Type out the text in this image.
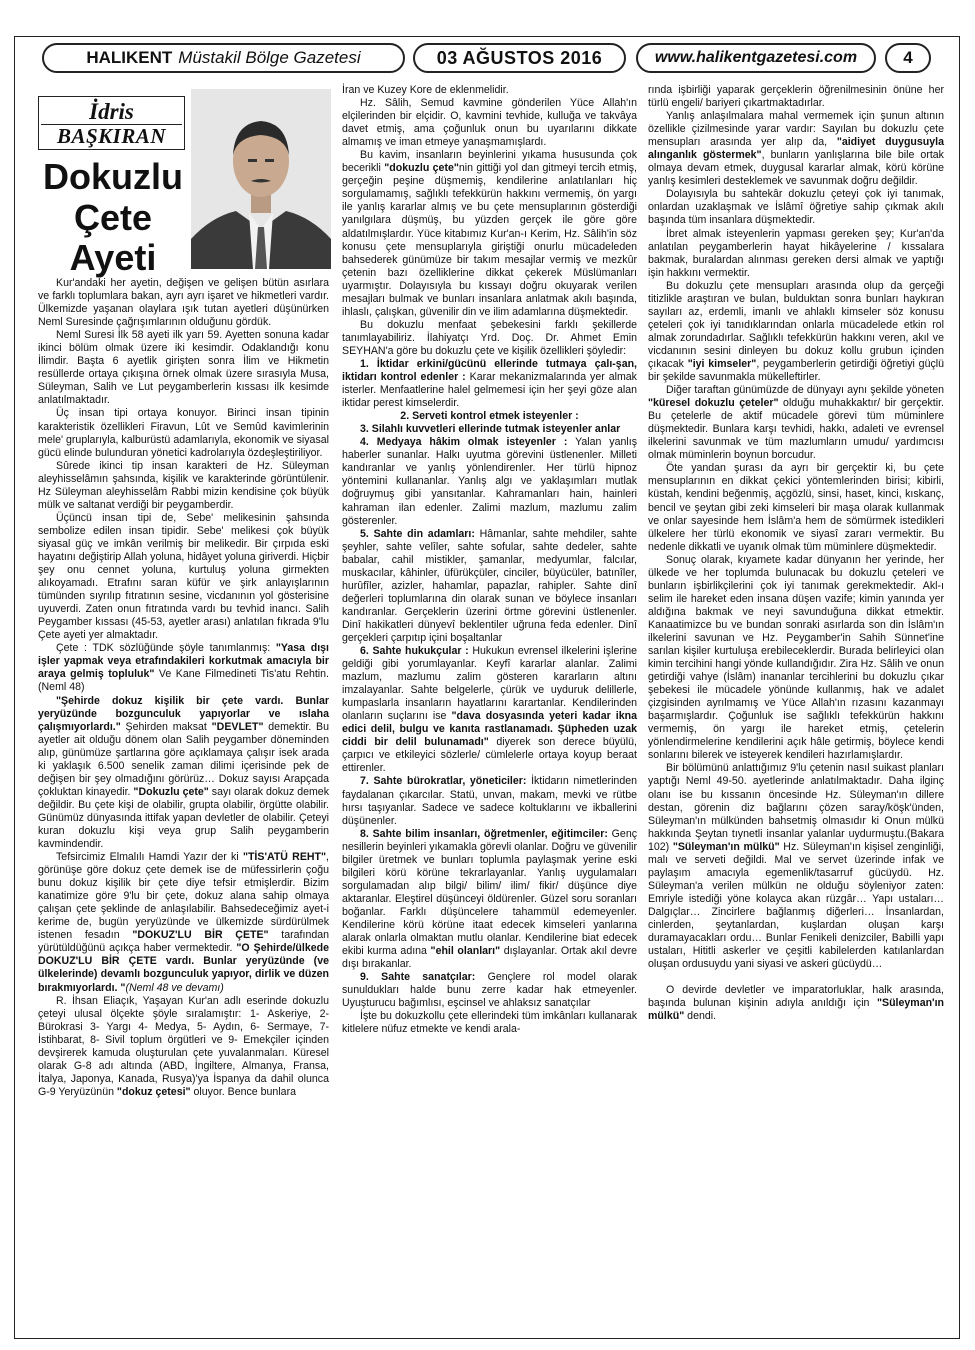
HALIKENT Müstakil Bölge Gazetesi	03 AĞUSTOS 2016	www.halikentgazetesi.com	4
İdris
BAŞKIRAN
Dokuzlu
Çete
Ayeti

Kur'andaki her ayetin, değişen ve gelişen bütün asırlara ve farklı toplumlara bakan, ayrı ayrı işaret ve hikmetleri vardır. Ülkemizde yaşanan olaylara ışık tutan ayetleri düşünürken Neml Suresinde çağrışımlarının olduğunu gördük.

Neml Suresi İlk 58 ayeti ilk yarı 59. Ayetten sonuna kadar ikinci bölüm olmak üzere iki kesimdir. Odaklandığı konu İlimdir. Başta 6 ayetlik girişten sonra İlim ve Hikmetin resüllerde ortaya çıkışına örnek olmak üzere sırasıyla Musa, Süleyman, Salih ve Lut peygamberlerin kıssası ilk kesimde anlatılmaktadır.

Üç insan tipi ortaya konuyor. Birinci insan tipinin karakteristik özellikleri Firavun, Lût ve Semûd kavimlerinin mele' gruplarıyla, kalburüstü adamlarıyla, ekonomik ve siyasal gücü elinde bulunduran yönetici kadrolarıyla özdeşleştiriliyor.

Sûrede ikinci tip insan karakteri de Hz. Süleyman aleyhisselâmın şahsında, kişilik ve karakterinde görüntülenir. Hz Süleyman aleyhisselâm Rabbi mizin kendisine çok büyük mülk ve saltanat verdiği bir peygamberdir.

Üçüncü insan tipi de, Sebe' melikesinin şahsında sembolize edilen insan tipidir. Sebe' melikesi çok büyük siyasal güç ve imkân verilmiş bir melikedir. Bir çırpıda eski hayatını değiştirip Allah yoluna, hidâyet yoluna giriverdi. Hiçbir şey onu cennet yoluna, kurtuluş yoluna girmekten alıkoyamadı. Etrafını saran küfür ve şirk anlayışlarının tümünden sıyrılıp fıtratının sesine, vicdanının yol gösterisine uyuverdi. Zaten onun fıtratında vardı bu tevhid inancı. Salih Peygamber kıssası (45-53, ayetler arası) anlatılan fıkrada 9'lu Çete ayeti yer almaktadır.

Çete : TDK sözlüğünde şöyle tanımlanmış: "Yasa dışı işler yapmak veya etrafındakileri korkutmak amacıyla bir araya gelmiş topluluk" Ve Kane Filmedineti Tis'atu Rehtin. (Neml 48)

"Şehirde dokuz kişilik bir çete vardı. Bunlar yeryüzünde bozgunculuk yapıyorlar ve ıslaha çalışmıyorlardı." Şehirden maksat "DEVLET" demektir. Bu ayetler ait olduğu dönem olan Salih peygamber döneminden alıp, günümüze şartlarına göre açıklamaya çalışır isek arada ki yaklaşık 6.500 senelik zaman dilimi içerisinde pek de değişen bir şey olmadığını görürüz… Dokuz sayısı Arapçada çokluktan kinayedir. "Dokuzlu çete" sayı olarak dokuz demek değildir. Bu çete kişi de olabilir, grupta olabilir, örgütte olabilir. Günümüz dünyasında ittifak yapan devletler de olabilir. Çeteyi kuran dokuzlu kişi veya grup Salih peygamberin kavmindendir.

Tefsircimiz Elmalılı Hamdi Yazır der ki "TİS'ATÜ REHT", görünüşe göre dokuz çete demek ise de müfessirlerin çoğu bunu dokuz kişilik bir çete diye tefsir etmişlerdir. Bizim kanatimize göre 9'lu bir çete, dokuz alana sahip olmaya çalışan çete şeklinde de anlaşılabilir. Bahsedeceğimiz ayet-i kerime de, bugün yeryüzünde ve ülkemizde sürdürülmek istenen fesadın "DOKUZ'LU BİR ÇETE" tarafından yürütüldüğünü açıkça haber vermektedir. "O Şehirde/ülkede DOKUZ'LU BİR ÇETE vardı. Bunlar yeryüzünde (ve ülkelerinde) devamlı bozgunculuk yapıyor, dirlik ve düzen bırakmıyorlardı. "(Neml 48 ve devamı)

R. İhsan Eliaçık, Yaşayan Kur'an adlı eserinde dokuzlu çeteyi ulusal ölçekte şöyle sıralamıştır: 1- Askeriye, 2- Bürokrasi 3- Yargı 4- Medya, 5- Aydın, 6- Sermaye, 7- İstihbarat, 8- Sivil toplum örgütleri ve 9- Emekçiler içinden devşirerek kamuda oluşturulan çete yuvalanmaları. Küresel olarak G-8 adı altında (ABD, İngiltere, Almanya, Fransa, İtalya, Japonya, Kanada, Rusya)'ya İspanya da dahil olunca G-9 Yeryüzünün "dokuz çetesi" oluyor. Bence bunlara

İran ve Kuzey Kore de eklenmelidir.

Hz. Sâlih, Semud kavmine gönderilen Yüce Allah'ın elçilerinden bir elçidir. O, kavmini tevhide, kulluğa ve takvâya davet etmiş, ama çoğunluk onun bu uyarılarını dikkate almamış ve iman etmeye yanaşmamışlardı.

Bu kavim, insanların beyinlerini yıkama hususunda çok becerikli "dokuzlu çete"nin gittiği yol dan gitmeyi tercih etmiş, gerçeğin peşine düşmemiş, kendilerine anlatılanları hiç sorgulamamış, sağlıklı tefekkürün hakkını vermemiş, ön yargı ile yanlış kararlar almış ve bu çete mensuplarının gösterdiği yanılgılara düşmüş, bu yüzden gerçek ile göre göre aldatılmışlardır. Yüce kitabımız Kur'an-ı Kerim, Hz. Sâlih'in söz konusu çete mensuplarıyla giriştiği onurlu mücadeleden bahsederek günümüze bir takım mesajlar vermiş ve mezkûr çetenin bazı özelliklerine dikkat çekerek Müslümanları uyarmıştır. Dolayısıyla bu kıssayı doğru okuyarak verilen mesajları bulmak ve bunları insanlara anlatmak akılı başında, ihlaslı, çalışkan, güvenilir din ve ilim adamlarına düşmektedir.

Bu dokuzlu menfaat şebekesini farklı şekillerde tanımlayabiliriz. İlahiyatçı Yrd. Doç. Dr. Ahmet Emin SEYHAN'a göre bu dokuzlu çete ve kişilik özellikleri şöyledir:

1. İktidar erkini/gücünü ellerinde tutmaya çalı-şan, iktidarı kontrol edenler : Karar mekanizmalarında yer almak isterler. Menfaatlerine halel gelmemesi için her şeyi göze alan iktidar perest kimselerdir.

2. Serveti kontrol etmek isteyenler :

3. Silahlı kuvvetleri ellerinde tutmak isteyenler anlar

4. Medyaya hâkim olmak isteyenler : Yalan yanlış haberler sunanlar. Halkı uyutma görevini üstlenenler. Milleti kandıranlar ve yanlış yönlendirenler. Her türlü hipnoz yöntemini kullananlar. Yanlış algı ve yaklaşımları mutlak doğruymuş gibi yansıtanlar. Kahramanları hain, hainleri kahraman ilan edenler. Zalimi mazlum, mazlumu zalim gösterenler.

5. Sahte din adamları: Hâmanlar, sahte mehdiler, sahte şeyhler, sahte velîler, sahte sofular, sahte dedeler, sahte babalar, cahil mistikler, şamanlar, medyumlar, falcılar, muskacılar, kâhinler, üfürükçüler, cinciler, büyücüler, batınîler, hurûfîler, azizler, hahamlar, papazlar, rahipler. Sahte dinî değerleri toplumlarına din olarak sunan ve böylece insanları kandıranlar. Gerçeklerin üzerini örtme görevini üstlenenler. Dinî hakikatleri dünyevî beklentiler uğruna feda edenler. Dinî gerçekleri çarpıtıp içini boşaltanlar

6. Sahte hukukçular : Hukukun evrensel ilkelerini işlerine geldiği gibi yorumlayanlar. Keyfî kararlar alanlar. Zalimi mazlum, mazlumu zalim gösteren kararların altını imzalayanlar. Sahte belgelerle, çürük ve uyduruk delillerle, kumpaslarla insanların hayatlarını karartanlar. Kendilerinden olanların suçlarını ise "dava dosyasında yeteri kadar ikna edici delil, bulgu ve kanıta rastlanamadı. Şüpheden uzak ciddi bir delil bulunamadı" diyerek son derece büyülü, çarpıcı ve etkileyici sözlerle/ cümlelerle ortaya koyup beraat ettirenler.

7. Sahte bürokratlar, yöneticiler: İktidarın nimetlerinden faydalanan çıkarcılar. Statü, unvan, makam, mevki ve rütbe hırsı taşıyanlar. Sadece ve sadece koltuklarını ve ikballerini düşünenler.

8. Sahte bilim insanları, öğretmenler, eğitimciler: Genç nesillerin beyinleri yıkamakla görevli olanlar. Doğru ve güvenilir bilgiler üretmek ve bunları toplumla paylaşmak yerine eski bilgileri körü körüne tekrarlayanlar. Yanlış uygulamaları sorgulamadan alıp bilgi/ bilim/ ilim/ fikir/ düşünce diye aktaranlar. Eleştirel düşünceyi öldürenler. Güzel soru soranları boğanlar. Farklı düşüncelere tahammül edemeyenler. Kendilerine körü körüne itaat edecek kimseleri yanlarına alarak onlarla olmaktan mutlu olanlar. Kendilerine biat edecek ekibi kurma adına "ehil olanları" dışlayanlar. Ortak akıl devre dışı bırakanlar.

9. Sahte sanatçılar: Gençlere rol model olarak sunuldukları halde bunu zerre kadar hak etmeyenler. Uyuşturucu bağımlısı, eşcinsel ve ahlaksız sanatçılar

İşte bu dokuzkollu çete ellerindeki tüm imkânları kullanarak kitlelere nüfuz etmekte ve kendi arala-

rında işbirliği yaparak gerçeklerin öğrenilmesinin önüne her türlü engeli/ bariyeri çıkartmaktadırlar.

Yanlış anlaşılmalara mahal vermemek için şunun altının özellikle çizilmesinde yarar vardır: Sayılan bu dokuzlu çete mensupları arasında yer alıp da, "aidiyet duygusuyla alınganlık göstermek", bunların yanlışlarına bile bile ortak olmaya devam etmek, duygusal kararlar almak, körü körüne yanlış kesimleri desteklemek ve savunmak doğru değildir.

Dolayısıyla bu sahtekâr dokuzlu çeteyi çok iyi tanımak, onlardan uzaklaşmak ve İslâmî öğretiye sahip çıkmak akılı başında tüm insanlara düşmektedir.

İbret almak isteyenlerin yapması gereken şey; Kur'an'da anlatılan peygamberlerin hayat hikâyelerine / kıssalara bakmak, buralardan alınması gereken dersi almak ve yaptığı işin hakkını vermektir.

Bu dokuzlu çete mensupları arasında olup da gerçeği titizlikle araştıran ve bulan, bulduktan sonra bunları haykıran sayıları az, erdemli, imanlı ve ahlaklı kimseler söz konusu çeteleri çok iyi tanıdıklarından onlarla mücadelede etkin rol almak zorundadırlar. Sağlıklı tefekkürün hakkını veren, akıl ve vicdanının sesini dinleyen bu dokuz kollu grubun içinden çıkacak "iyi kimseler", peygamberlerin getirdiği öğretiyi güçlü bir şekilde savunmakla mükelleftirler.

Diğer taraftan günümüzde de dünyayı aynı şekilde yöneten "küresel dokuzlu çeteler" olduğu muhakkaktır/ bir gerçektir. Bu çetelerle de aktif mücadele görevi tüm müminlere düşmektedir. Bunlara karşı tevhidi, hakkı, adaleti ve evrensel ilkelerini savunmak ve tüm mazlumların umudu/ yardımcısı olmak müminlerin boynun borcudur.

Öte yandan şurası da ayrı bir gerçektir ki, bu çete mensuplarının en dikkat çekici yöntemlerinden birisi; kibirli, küstah, kendini beğenmiş, açgözlü, sinsi, haset, kinci, kıskanç, bencil ve şeytan gibi zeki kimseleri bir maşa olarak kullanmak ve onlar sayesinde hem İslâm'a hem de sömürmek istedikleri ülkelere her türlü ekonomik ve siyasî zararı vermektir. Bu nedenle dikkatli ve uyanık olmak tüm müminlere düşmektedir.

Sonuç olarak, kıyamete kadar dünyanın her yerinde, her ülkede ve her toplumda bulunacak bu dokuzlu çeteleri ve bunların işbirlikçilerini çok iyi tanımak gerekmektedir. Akl-ı selim ile hareket eden insana düşen vazife; kimin yanında yer aldığına bakmak ve neyi savunduğuna dikkat etmektir. Kanaatimizce bu ve bundan sonraki asırlarda son din İslâm'ın ilkelerini savunan ve Hz. Peygamber'in Sahih Sünnet'ine sarılan kişiler kurtuluşa erebileceklerdir. Burada belirleyici olan kimin tercihini hangi yönde kullandığıdır. Zira Hz. Sâlih ve onun getirdiği vahye (İslâm) inananlar tercihlerini bu dokuzlu çıkar şebekesi ile mücadele yönünde kullanmış, hak ve adalet çizgisinden ayrılmamış ve Yüce Allah'ın rızasını kazanmayı başarmışlardır. Çoğunluk ise sağlıklı tefekkürün hakkını vermemiş, ön yargı ile hareket etmiş, çetelerin yönlendirmelerine kendilerini açık hâle getirmiş, böylece kendi sonlarını bilerek ve isteyerek kendileri hazırlamışlardır.

Bir bölümünü anlattığımız 9'lu çetenin nasıl suikast planları yaptığı Neml 49-50. ayetlerinde anlatılmaktadır. Daha ilginç olanı ise bu kıssanın öncesinde Hz. Süleyman'ın dillere destan, görenin diz bağlarını çözen saray/köşk'ünden, Süleyman'ın mülkünden bahsetmiş olmasıdır ki Onun mülkü hakkında Şeytan tıynetli insanlar yalanlar uydurmuştu.(Bakara 102) "Süleyman'ın mülkü" Hz. Süleyman'ın kişisel zenginliği, malı ve serveti değildi. Mal ve servet üzerinde infak ve paylaşım amacıyla egemenlik/tasarruf gücüydü. Hz. Süleyman'a verilen mülkün ne olduğu söyleniyor zaten: Emriyle istediği yöne kolayca akan rüzgâr… Yapı ustaları… Dalgıçlar… Zincirlere bağlanmış diğerleri… İnsanlardan, cinlerden, şeytanlardan, kuşlardan oluşan karşı duramayacakları ordu… Bunlar Fenikeli denizciler, Babilli yapı ustaları, Hititli askerler ve çeşitli kabilelerden katılanlardan oluşan ordusuydu yani siyasi ve askeri gücüydü…

O devirde devletler ve imparatorluklar, halk arasında, başında bulunan kişinin adıyla anıldığı için "Süleyman'ın mülkü" dendi.
